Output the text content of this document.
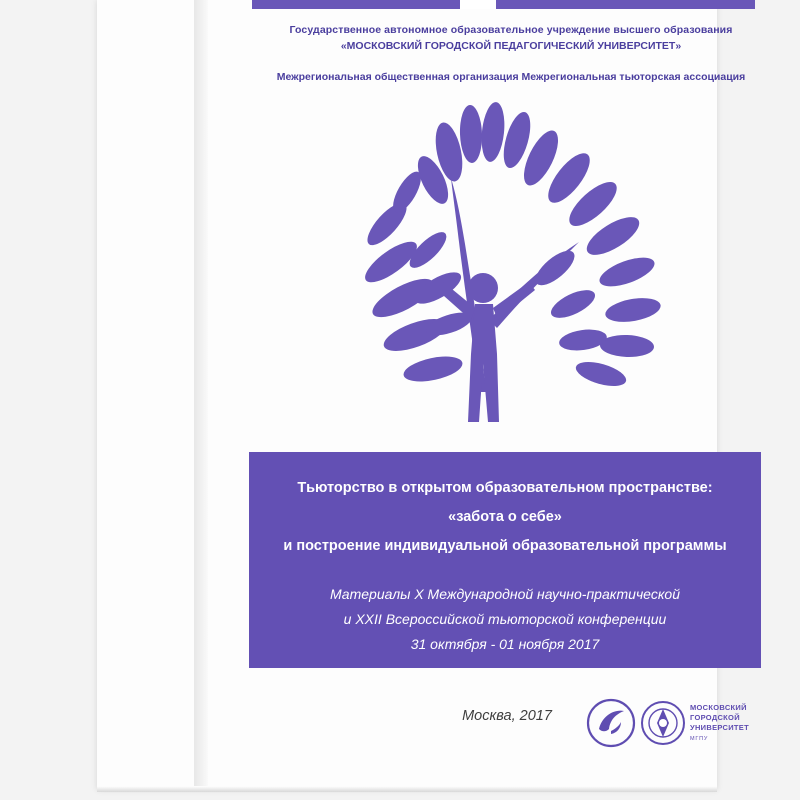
Государственное автономное образовательное учреждение высшего образования
«МОСКОВСКИЙ ГОРОДСКОЙ ПЕДАГОГИЧЕСКИЙ УНИВЕРСИТЕТ»
Межрегиональная общественная организация Межрегиональная тьюторская ассоциация
Тьюторство в открытом образовательном пространстве:
«забота о себе»
и построение индивидуальной образовательной программы
Материалы X Международной научно-практической
и XXII Всероссийской тьюторской конференции
31 октября - 01 ноября 2017
Москва, 2017
МОСКОВСКИЙ
ГОРОДСКОЙ
УНИВЕРСИТЕТ
МГПУ
